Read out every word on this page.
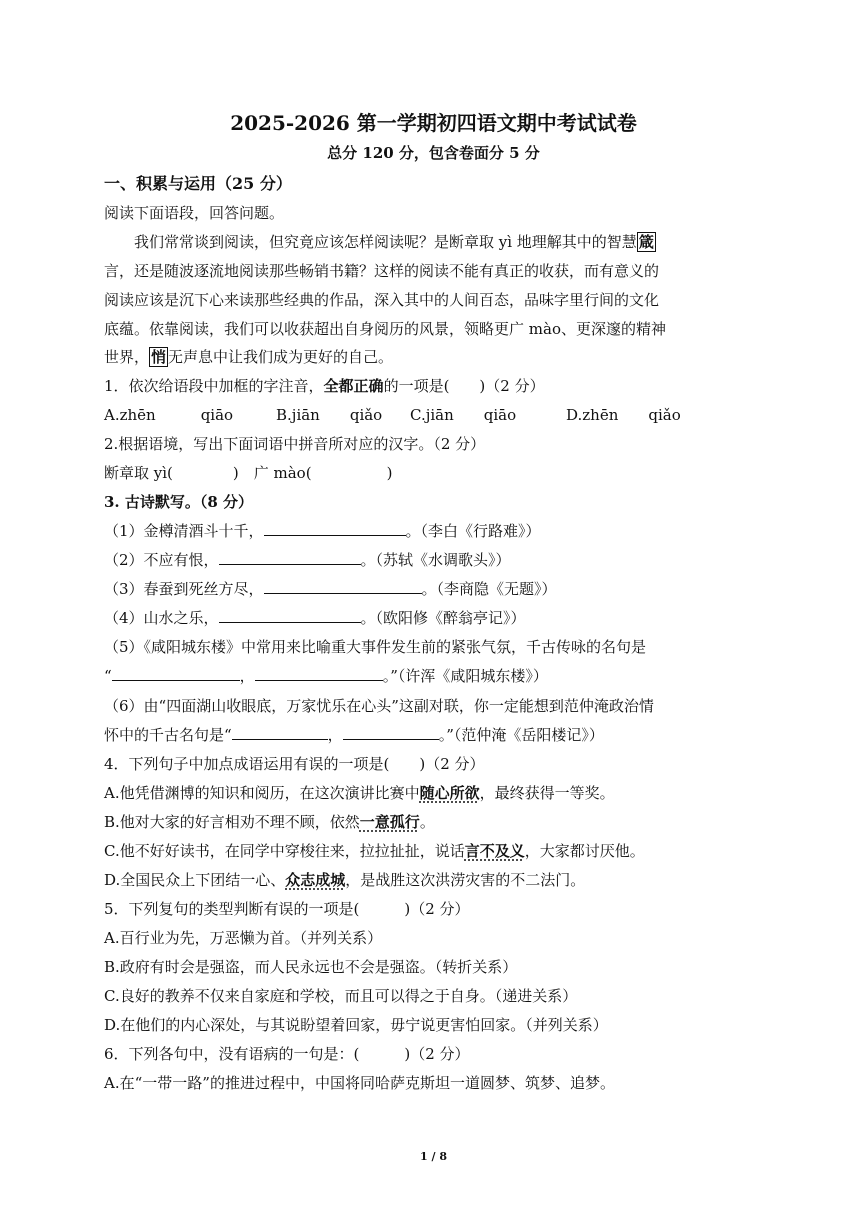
2025-2026 第一学期初四语文期中考试试卷
总分 120 分，包含卷面分 5 分
一、积累与运用（25 分）
阅读下面语段，回答问题。
我们常常谈到阅读，但究竟应该怎样阅读呢？是断章取 yì 地理解其中的智慧 箴
言，还是随波逐流地阅读那些畅销书籍？这样的阅读不能有真正的收获，而有意义的
阅读应该是沉下心来读那些经典的作品，深入其中的人间百态，品味字里行间的文化
底蕴。依靠阅读，我们可以收获超出自身阅历的风景，领略更广 mào、更深邃的精神
世界， 悄 无声息中让我们成为更好的自己。
1．依次给语段中加框的字注音，全都正确的一项是(　　)（2 分）
A.zhēn　　　qiāo	B.jiān　　qiǎo C.jiān　　qiāo	D.zhēn　　qiǎo
2.根据语境，写出下面词语中拼音所对应的汉字。（2 分）
断章取 yì(　　　　)　广 mào(　　　　　)
3. 古诗默写。（8 分）
（1）金樽清酒斗十千，	。（李白《行路难》）
（2）不应有恨，	。（苏轼《水调歌头》）
（3）春蚕到死丝方尽，	。（李商隐《无题》）
（4）山水之乐，	。（欧阳修《醉翁亭记》）
（5）《咸阳城东楼》中常用来比喻重大事件发生前的紧张气氛，千古传咏的名句是
“	，	。”（许浑《咸阳城东楼》）
（6）由“四面湖山收眼底，万家忧乐在心头”这副对联，你一定能想到范仲淹政治情
怀中的千古名句是“	，	。”（范仲淹《岳阳楼记》）
4．下列句子中加点成语运用有误的一项是(　　)（2 分）
A.他凭借渊博的知识和阅历，在这次演讲比赛中随心所欲，最终获得一等奖。
B.他对大家的好言相劝不理不顾，依然一意孤行。
C.他不好好读书，在同学中穿梭往来，拉拉扯扯，说话言不及义，大家都讨厌他。
D.全国民众上下团结一心、众志成城，是战胜这次洪涝灾害的不二法门。
5．下列复句的类型判断有误的一项是(　　　)（2 分）
A.百行业为先，万恶懒为首。（并列关系）
B.政府有时会是强盗，而人民永远也不会是强盗。（转折关系）
C.良好的教养不仅来自家庭和学校，而且可以得之于自身。（递进关系）
D.在他们的内心深处，与其说盼望着回家，毋宁说更害怕回家。（并列关系）
6．下列各句中，没有语病的一句是：(　　　)（2 分）
A.在“一带一路”的推进过程中，中国将同哈萨克斯坦一道圆梦、筑梦、追梦。
1 / 8
